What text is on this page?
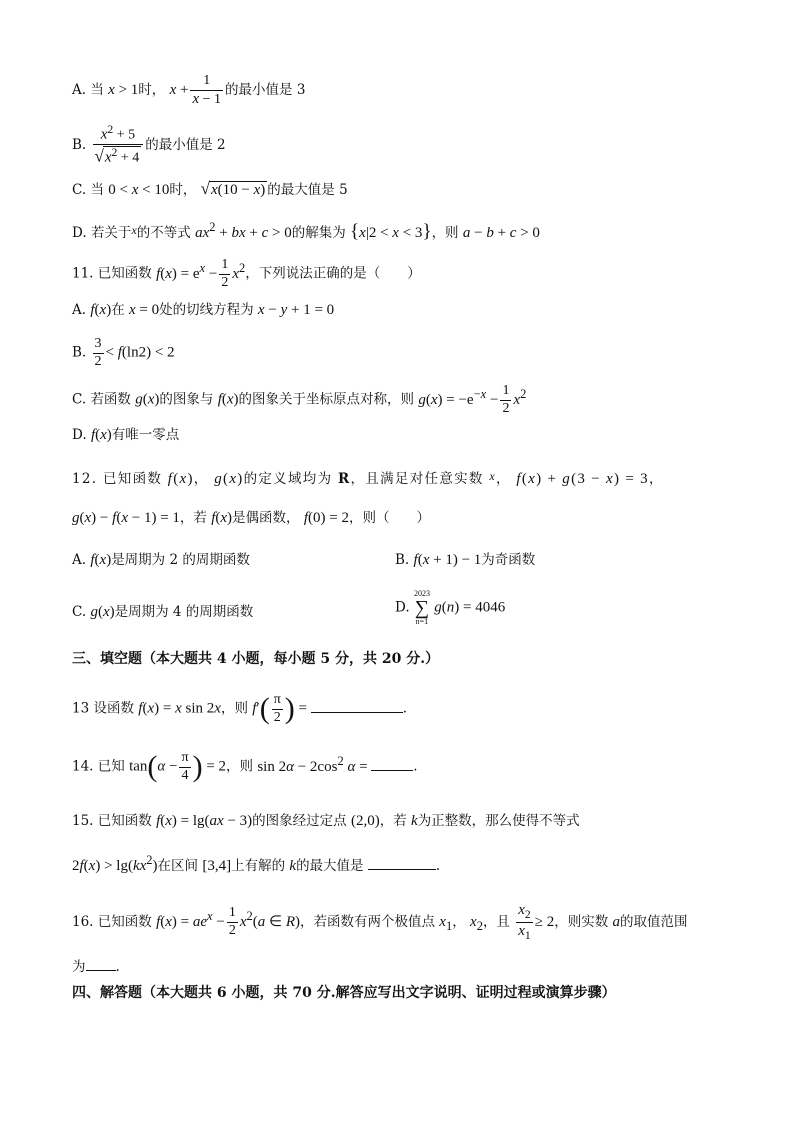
A. 当 x > 1时， $x + \frac{1}{x - 1}$ 的最小值是 3
B. $\frac{x^2 + 5}{√x^2 + 4}$ 的最小值是 2
C. 当 0 < x < 10时， √x(10 − x) 的最大值是 5
D. 若关于x的不等式 $ax^2$ + bx + c > 0的解集为 {x|2 < x < 3}，则 a − b + c > 0
11. 已知函数 $f(x) = e^x - \frac{1}{2} x^2$，下列说法正确的是（　　）
A. f(x)在 x = 0处的切线方程为 x − y + 1 = 0
B. $\frac{3}{2} < f(\ln 2) < 2$
C. 若函数 g(x)的图象与 f(x)的图象关于坐标原点对称，则 $g(x) = -e^{-x} - \frac{1}{2} x^2$
D. f(x)有唯一零点
12. 已知函数 f(x)， g(x)的定义域均为 R，且满足对任意实数 x， f(x) + g(3 − x) = 3，
g(x) − f(x − 1) = 1，若 f(x)是偶函数， f(0) = 2，则（　　）
A. f(x)是周期为 2 的周期函数	B. f(x + 1) − 1为奇函数
C. g(x)是周期为 4 的周期函数	D.
2023
∑
n=1
g(n) = 4046
三、填空题（本大题共 4 小题，每小题 5 分，共 20 分.）
13 设函数 f(x) = x sin 2x，则 $f'( \frac{\pi}{2}$ ) =	.
14. 已知 $\tan(\alpha - \frac{\pi}{4}$ ) = 2，则 $\sin 2\alpha - 2\cos^2$ α =	.
15. 已知函数 f(x) = lg(ax − 3)的图象经过定点 (2,0)，若 k为正整数，那么使得不等式
$2f(x) > \lg(kx^2)$在区间 [3,4]上有解的 k的最大值是	.
16. 已知函数 $f(x) = ae^x - \frac{1}{2} x^2(a$ ∈ R)，若函数有两个极值点 $x_1$， $x_2$，且 $\frac{x_2}{x_1} \ge 2$，则实数 a的取值范围
为 .
四、解答题（本大题共 6 小题，共 70 分.解答应写出文字说明、证明过程或演算步骤）
